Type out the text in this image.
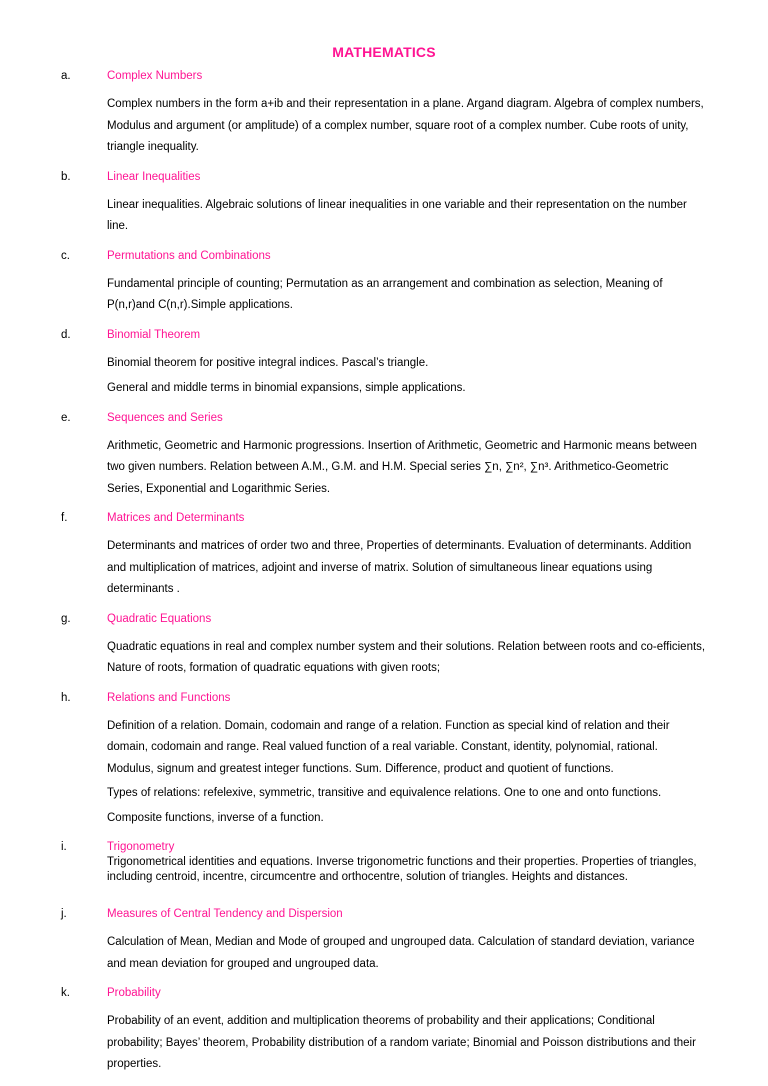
MATHEMATICS
a.	Complex Numbers

Complex numbers in the form a+ib and their representation in a plane. Argand diagram. Algebra of complex numbers, Modulus and argument (or amplitude) of a complex number, square root of a complex number. Cube roots of unity, triangle inequality.

b.	Linear Inequalities

Linear inequalities. Algebraic solutions of linear inequalities in one variable and their representation on the number line.

c.	Permutations and Combinations

Fundamental principle of counting; Permutation as an arrangement and combination as selection, Meaning of P(n,r)and C(n,r).Simple applications.

d.	Binomial Theorem

Binomial theorem for positive integral indices. Pascal’s triangle.

General and middle terms in binomial expansions, simple applications.

e.	Sequences and Series

Arithmetic, Geometric and Harmonic progressions. Insertion of Arithmetic, Geometric and Harmonic means between two given numbers. Relation between A.M., G.M. and H.M. Special series ∑n, ∑n², ∑n³. Arithmetico-Geometric Series, Exponential and Logarithmic Series.

f.	Matrices and Determinants

Determinants and matrices of order two and three, Properties of determinants. Evaluation of determinants. Addition and multiplication of matrices, adjoint and inverse of matrix. Solution of simultaneous linear equations using determinants .

g.	Quadratic Equations

Quadratic equations in real and complex number system and their solutions. Relation between roots and co-efficients, Nature of roots, formation of quadratic equations with given roots;

h.	Relations and Functions

Definition of a relation. Domain, codomain and range of a relation. Function as special kind of relation and their domain, codomain and range. Real valued function of a real variable. Constant, identity, polynomial, rational. Modulus, signum and greatest integer functions. Sum. Difference, product and quotient of functions.

Types of relations: refelexive, symmetric, transitive and equivalence relations. One to one and onto functions.

Composite functions, inverse of a function.

i.	Trigonometry

Trigonometrical identities and equations. Inverse trigonometric functions and their properties. Properties of triangles, including centroid, incentre, circumcentre and orthocentre, solution of triangles. Heights and distances.

j.	Measures of Central Tendency and Dispersion

Calculation of Mean, Median and Mode of grouped and ungrouped data. Calculation of standard deviation, variance and mean deviation for grouped and ungrouped data.

k.	Probability

Probability of an event, addition and multiplication theorems of probability and their applications; Conditional probability; Bayes’ theorem, Probability distribution of a random variate; Binomial and Poisson distributions and their properties.
